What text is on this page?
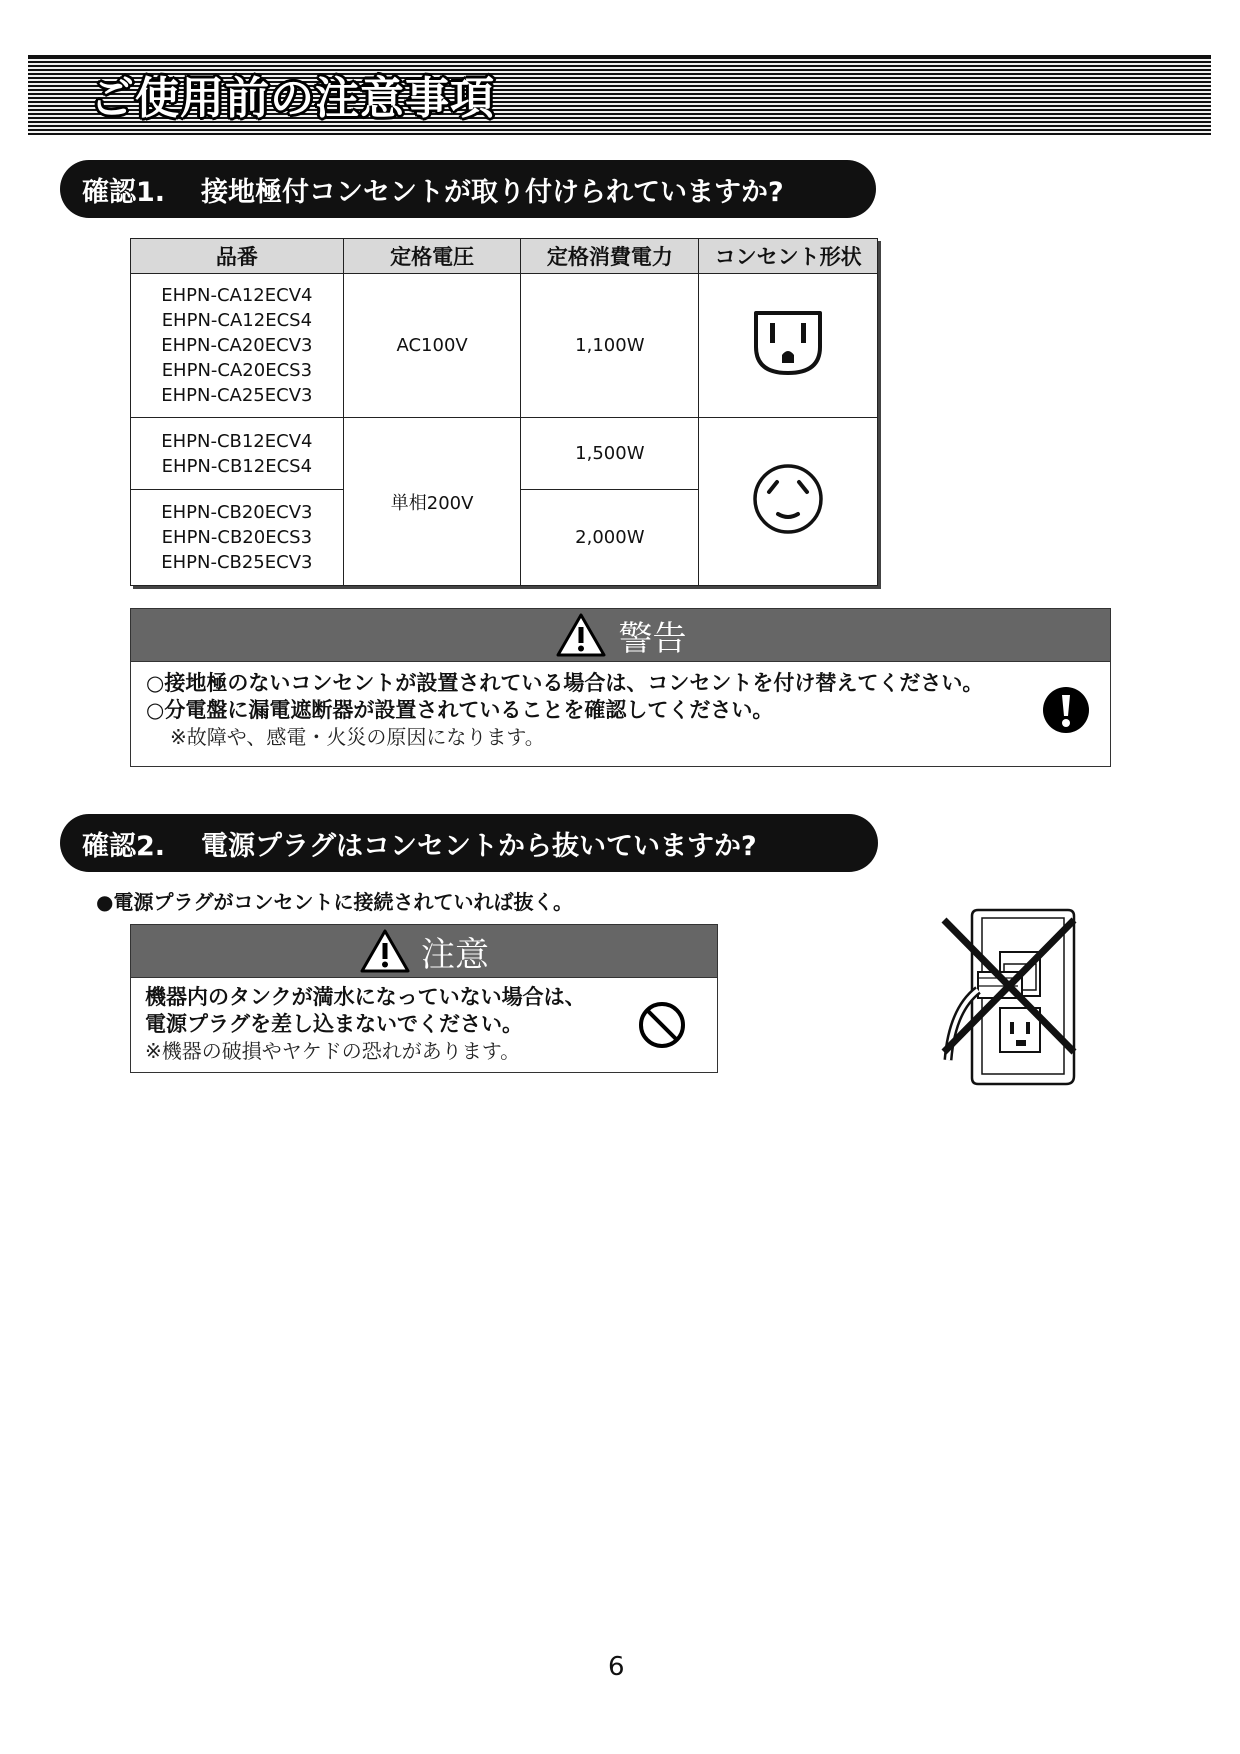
ご使用前の注意事項
確認1. 接地極付コンセントが取り付けられていますか?
品番	定格電圧	定格消費電力	コンセント形状

EHPN-CA12ECV4
EHPN-CA12ECS4
EHPN-CA20ECV3
EHPN-CA20ECS3
EHPN-CA25ECV3	AC100V	1,100W	

EHPN-CB12ECV4
EHPN-CB12ECS4	単相200V	1,500W	

EHPN-CB20ECV3
EHPN-CB20ECS3
EHPN-CB25ECV3		2,000W	
警告
○接地極のないコンセントが設置されている場合は、コンセントを付け替えてください。
○分電盤に漏電遮断器が設置されていることを確認してください。
※故障や、感電・火災の原因になります。
確認2. 電源プラグはコンセントから抜いていますか?
●電源プラグがコンセントに接続されていれば抜く。
注意
機器内のタンクが満水になっていない場合は、
電源プラグを差し込まないでください。
※機器の破損やヤケドの恐れがあります。
6
